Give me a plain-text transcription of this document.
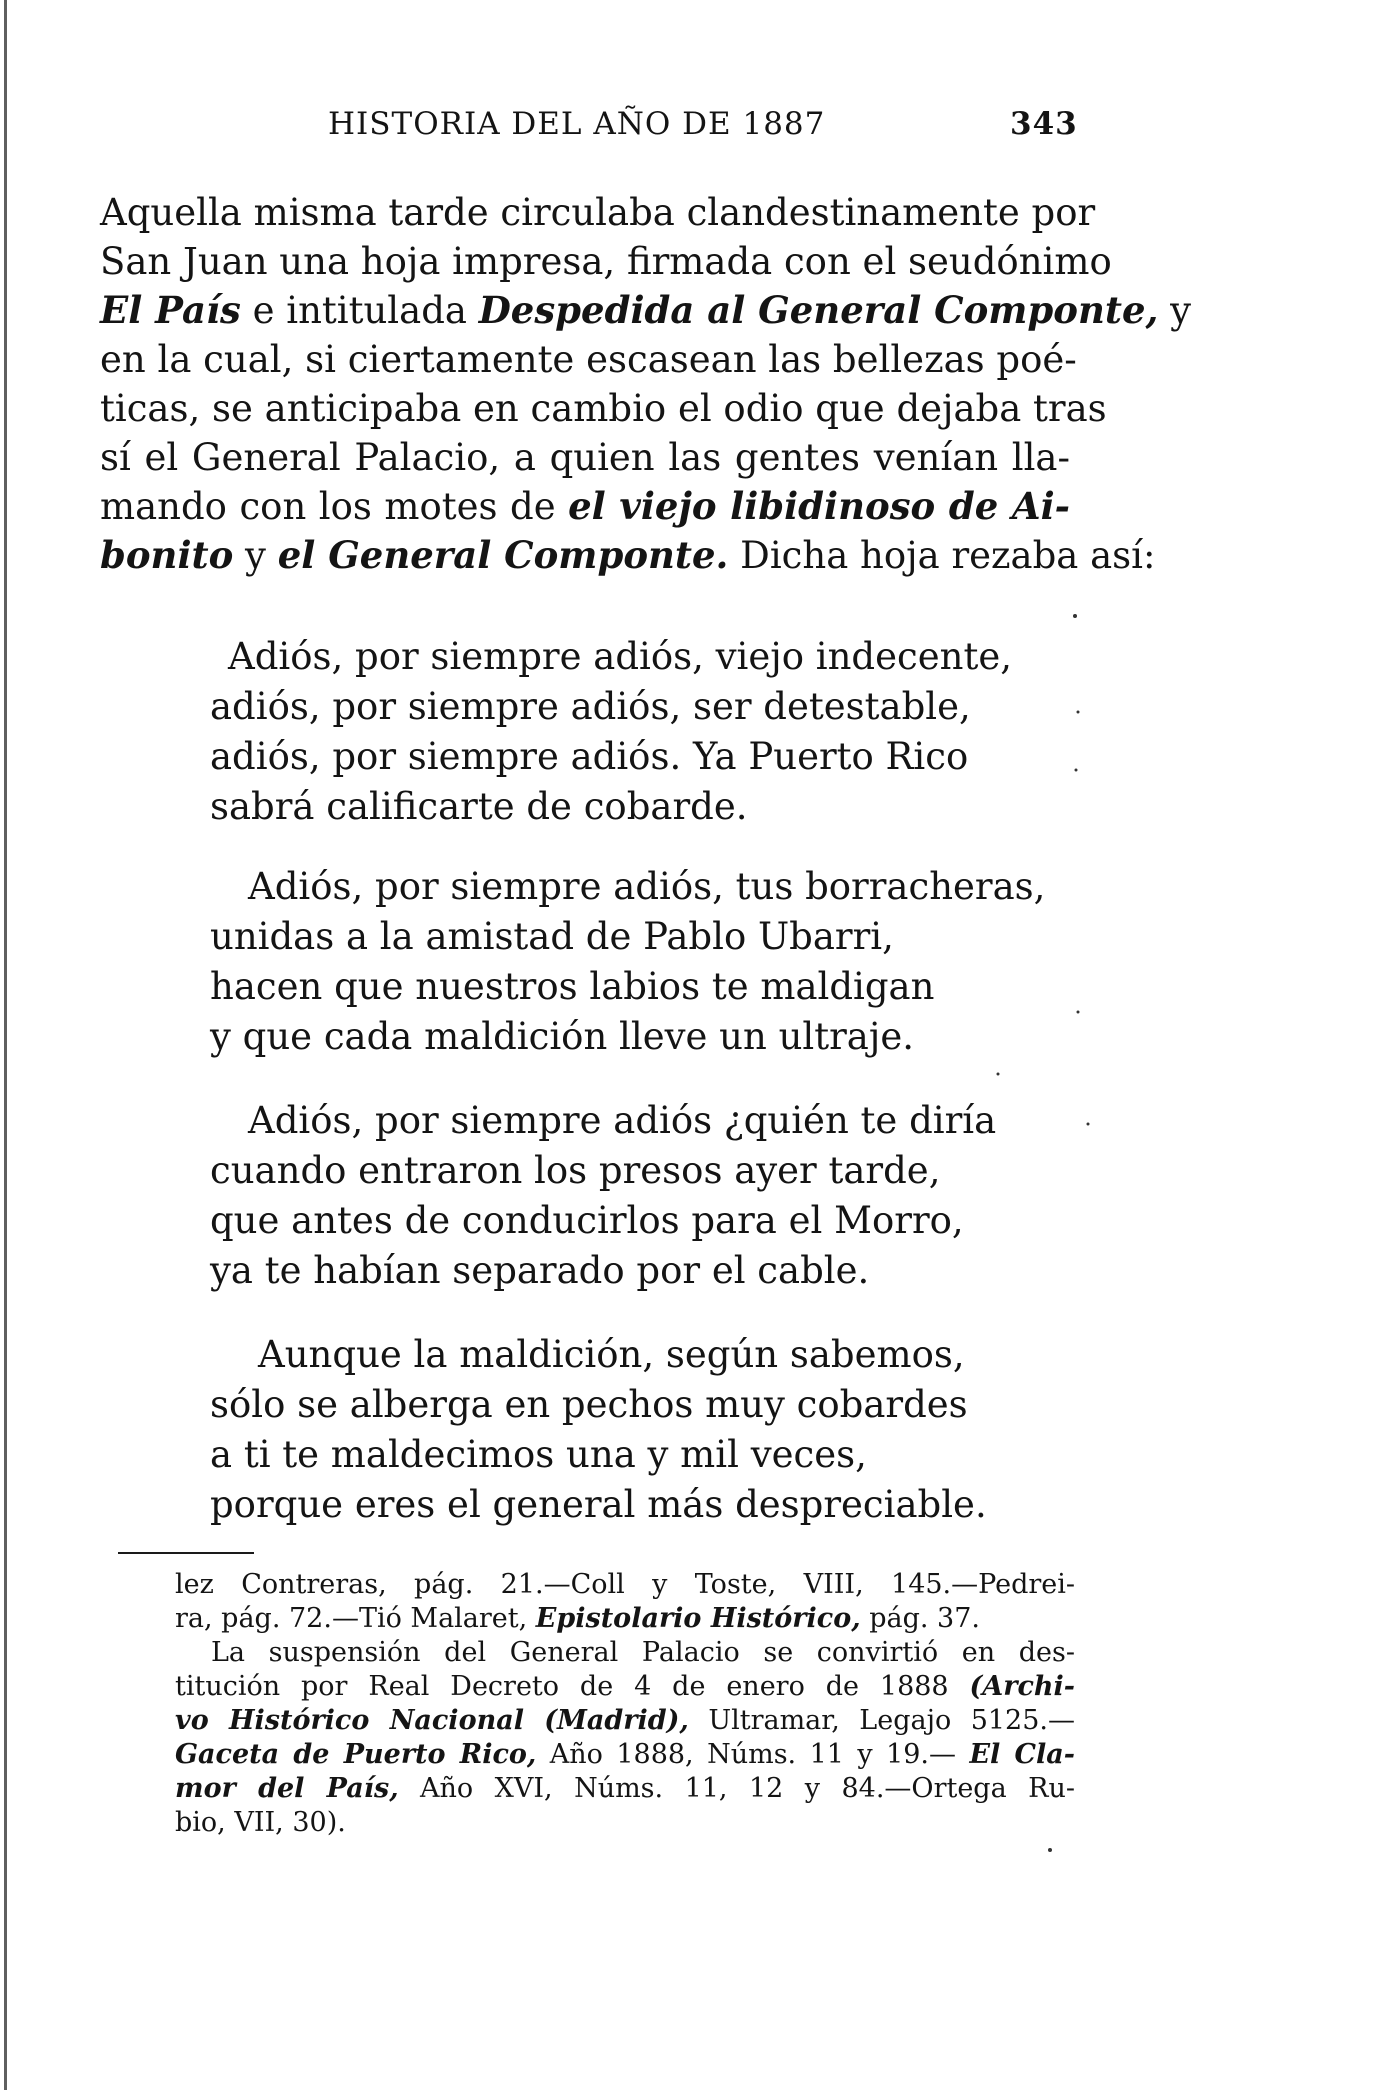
HISTORIA DEL AÑO DE 1887	343
Aquella misma tarde circulaba clandestinamente por
San Juan una hoja impresa, firmada con el seudónimo
El País e intitulada Despedida al General Componte, y
en la cual, si ciertamente escasean las bellezas poé-
ticas, se anticipaba en cambio el odio que dejaba tras
sí el General Palacio, a quien las gentes venían lla-
mando con los motes de el viejo libidinoso de Ai-
bonito y el General Componte. Dicha hoja rezaba así:
Adiós, por siempre adiós, viejo indecente,
adiós, por siempre adiós, ser detestable,
adiós, por siempre adiós. Ya Puerto Rico
sabrá calificarte de cobarde.
Adiós, por siempre adiós, tus borracheras,
unidas a la amistad de Pablo Ubarri,
hacen que nuestros labios te maldigan
y que cada maldición lleve un ultraje.
Adiós, por siempre adiós ¿quién te diría
cuando entraron los presos ayer tarde,
que antes de conducirlos para el Morro,
ya te habían separado por el cable.
Aunque la maldición, según sabemos,
sólo se alberga en pechos muy cobardes
a ti te maldecimos una y mil veces,
porque eres el general más despreciable.
lez Contreras, pág. 21.—Coll y Toste, VIII, 145.—Pedrei-
ra, pág. 72.—Tió Malaret, Epistolario Histórico, pág. 37.
La suspensión del General Palacio se convirtió en des-
titución por Real Decreto de 4 de enero de 1888 (Archi-
vo Histórico Nacional (Madrid), Ultramar, Legajo 5125.—
Gaceta de Puerto Rico, Año 1888, Núms. 11 y 19.— El Cla-
mor del País, Año XVI, Núms. 11, 12 y 84.—Ortega Ru-
bio, VII, 30).
